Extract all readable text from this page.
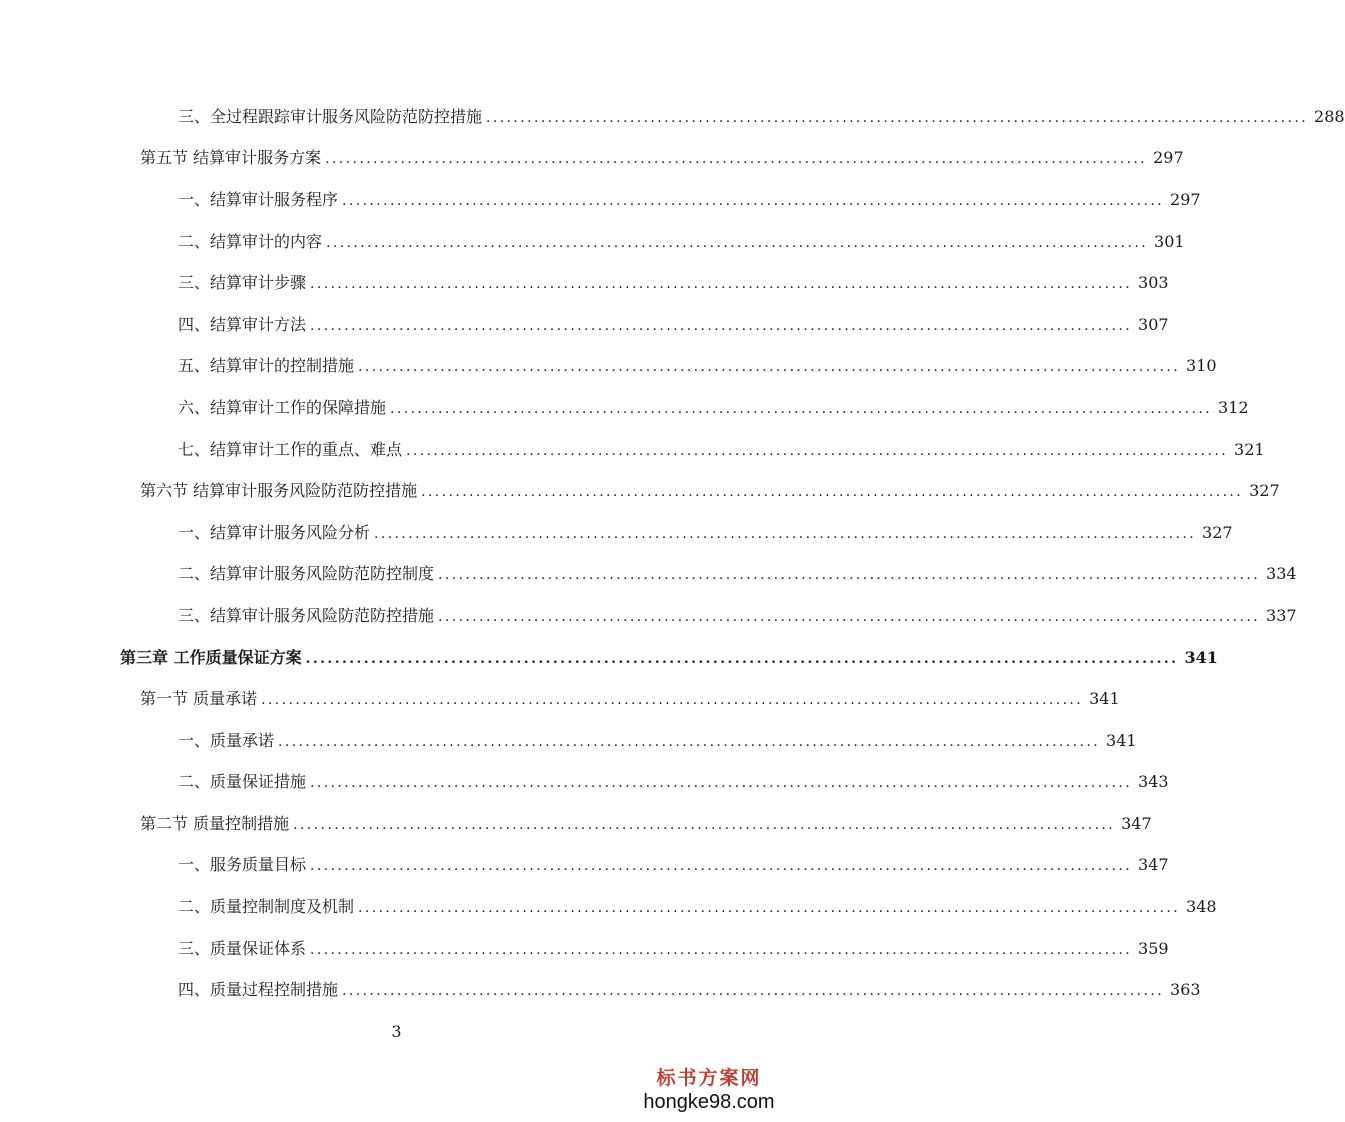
三、全过程跟踪审计服务风险防范防控措施 ........................................................................................................................ 288
第五节 结算审计服务方案 ........................................................................................................................ 297
一、结算审计服务程序 ........................................................................................................................ 297
二、结算审计的内容 ........................................................................................................................ 301
三、结算审计步骤 ........................................................................................................................ 303
四、结算审计方法 ........................................................................................................................ 307
五、结算审计的控制措施 ........................................................................................................................ 310
六、结算审计工作的保障措施 ........................................................................................................................ 312
七、结算审计工作的重点、难点 ........................................................................................................................ 321
第六节 结算审计服务风险防范防控措施 ........................................................................................................................ 327
一、结算审计服务风险分析 ........................................................................................................................ 327
二、结算审计服务风险防范防控制度 ........................................................................................................................ 334
三、结算审计服务风险防范防控措施 ........................................................................................................................ 337
第三章 工作质量保证方案 ........................................................................................................................ 341
第一节 质量承诺 ........................................................................................................................ 341
一、质量承诺 ........................................................................................................................ 341
二、质量保证措施 ........................................................................................................................ 343
第二节 质量控制措施 ........................................................................................................................ 347
一、服务质量目标 ........................................................................................................................ 347
二、质量控制制度及机制 ........................................................................................................................ 348
三、质量保证体系 ........................................................................................................................ 359
四、质量过程控制措施 ........................................................................................................................ 363
3
标书方案网
hongke98.com
